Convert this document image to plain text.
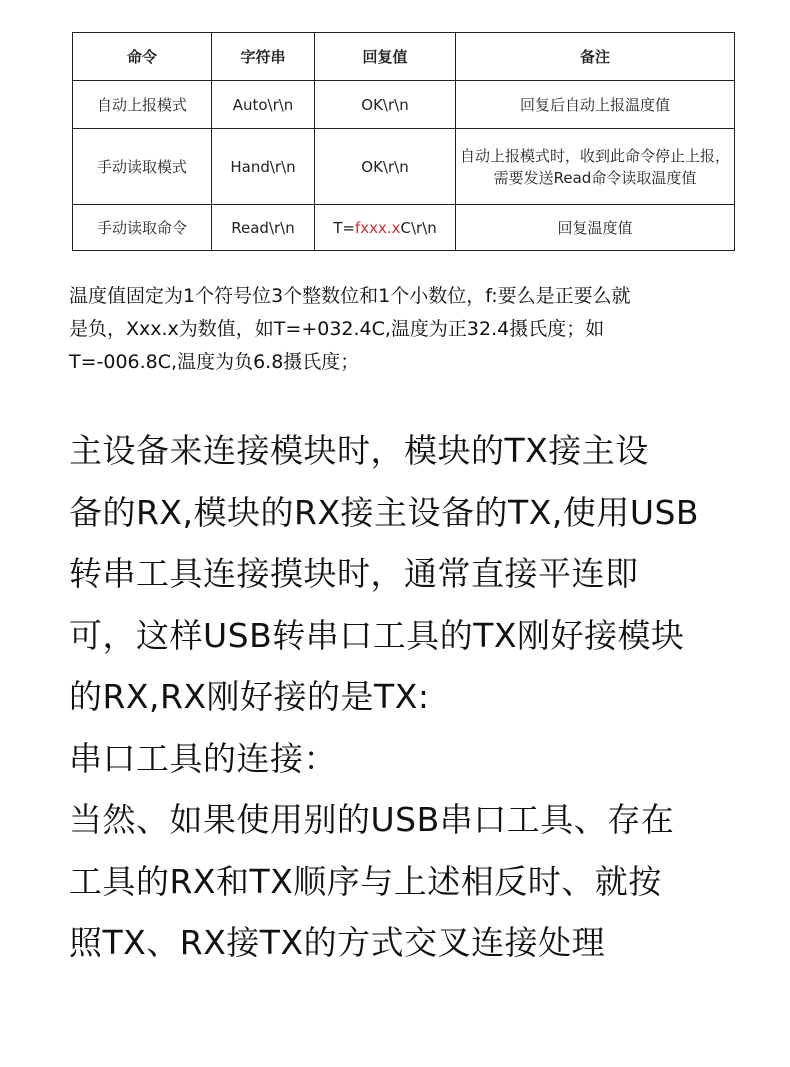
命令	字符串	回复值	备注
自动上报模式	Auto\r\n	OK\r\n	回复后自动上报温度值
手动读取模式	Hand\r\n	OK\r\n	自动上报模式时，收到此命令停止上报，需要发送Read命令读取温度值
手动读取命令	Read\r\n	T=fxxx.xC\r\n	回复温度值

温度值固定为1个符号位3个整数位和1个小数位，f:要么是正要么就
是负，Xxx.x为数值，如T=+032.4C,温度为正32.4摄氏度；如
T=-006.8C,温度为负6.8摄氏度；

主设备来连接模块时，模块的TX接主设
备的RX,模块的RX接主设备的TX,使用USB
转串工具连接摸块时，通常直接平连即
可，这样USB转串口工具的TX刚好接模块
的RX,RX刚好接的是TX:
串口工具的连接：
当然、如果使用别的USB串口工具、存在
工具的RX和TX顺序与上述相反时、就按
照TX、RX接TX的方式交叉连接处理
